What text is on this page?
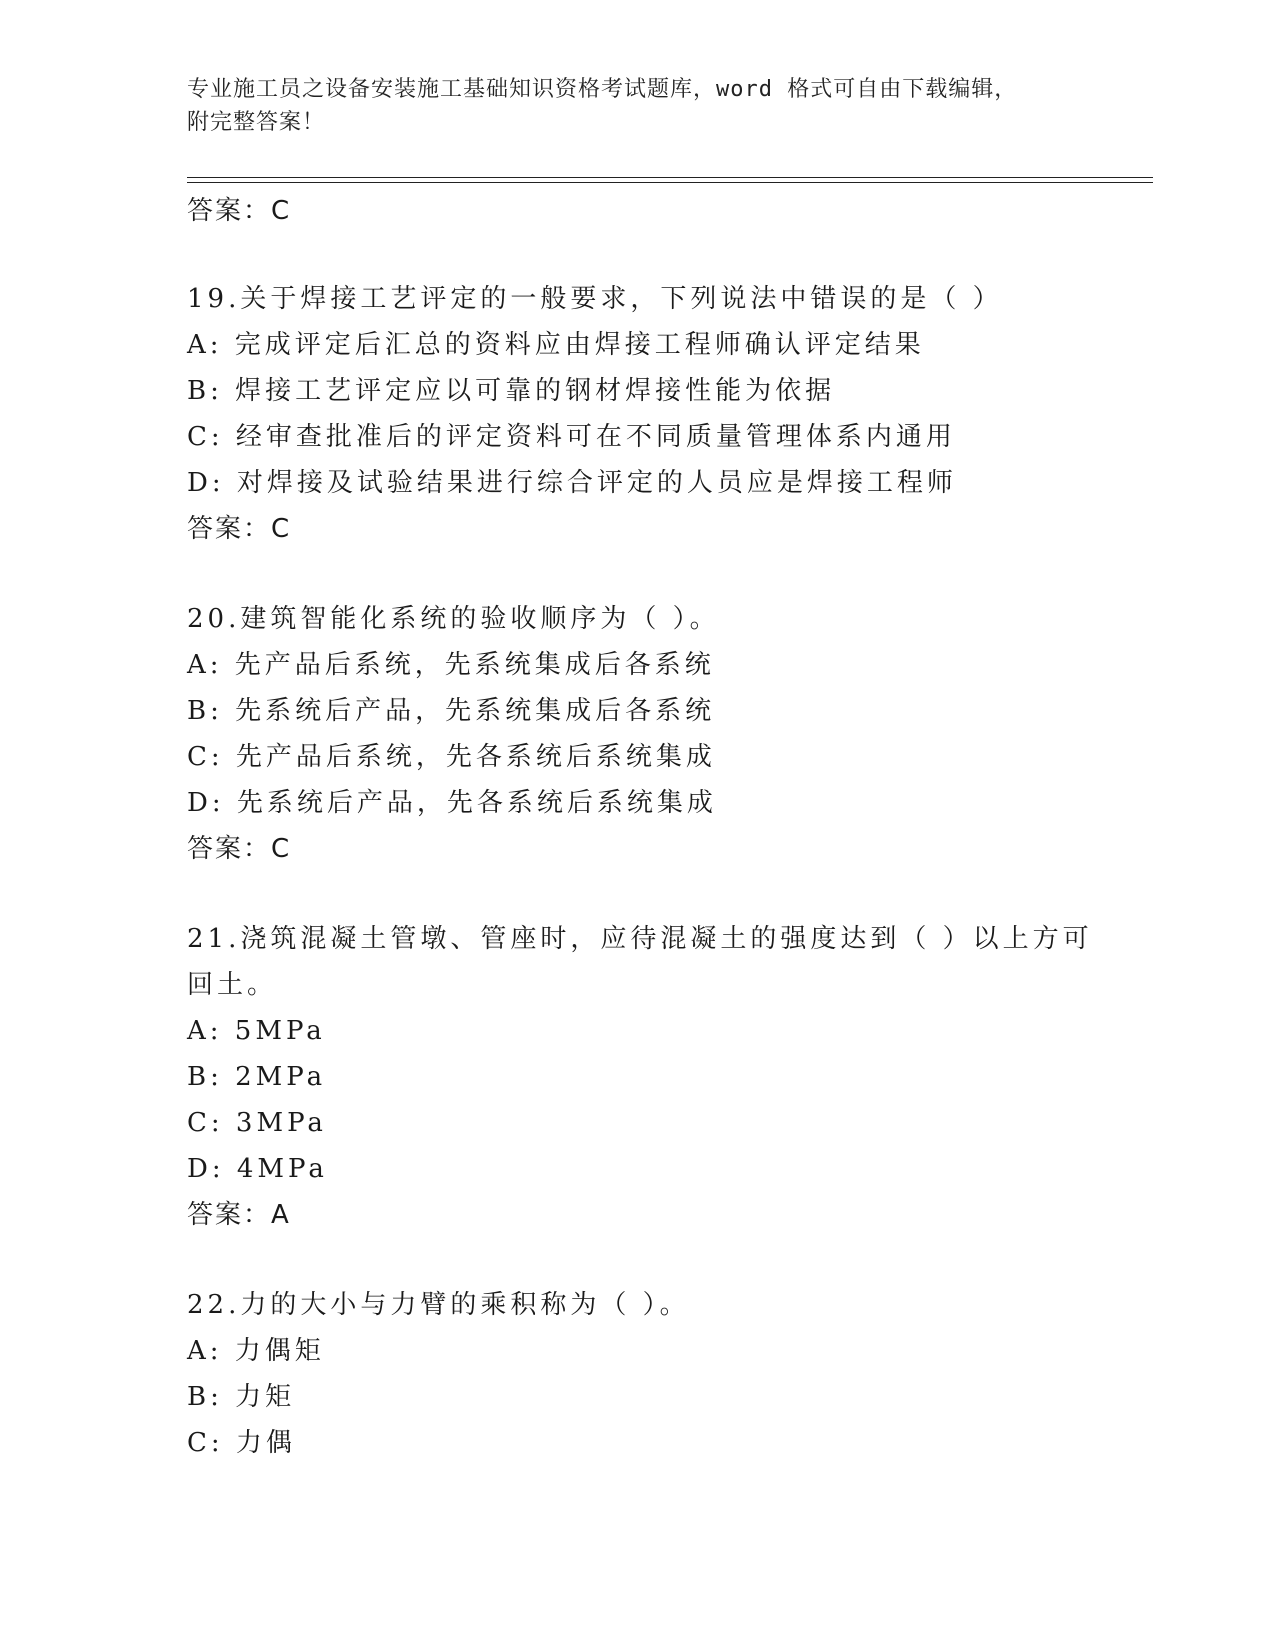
专业施工员之设备安装施工基础知识资格考试题库，word 格式可自由下载编辑，
附完整答案！
答案：C
19.关于焊接工艺评定的一般要求，下列说法中错误的是（ ）
A: 完成评定后汇总的资料应由焊接工程师确认评定结果
B: 焊接工艺评定应以可靠的钢材焊接性能为依据
C: 经审查批准后的评定资料可在不同质量管理体系内通用
D: 对焊接及试验结果进行综合评定的人员应是焊接工程师
答案：C
20.建筑智能化系统的验收顺序为（ ）。
A: 先产品后系统，先系统集成后各系统
B: 先系统后产品，先系统集成后各系统
C: 先产品后系统，先各系统后系统集成
D: 先系统后产品，先各系统后系统集成
答案：C
21.浇筑混凝土管墩、管座时，应待混凝土的强度达到（ ）以上方可
回土。
A: 5MPa
B: 2MPa
C: 3MPa
D: 4MPa
答案：A
22.力的大小与力臂的乘积称为（ ）。
A: 力偶矩
B: 力矩
C: 力偶
